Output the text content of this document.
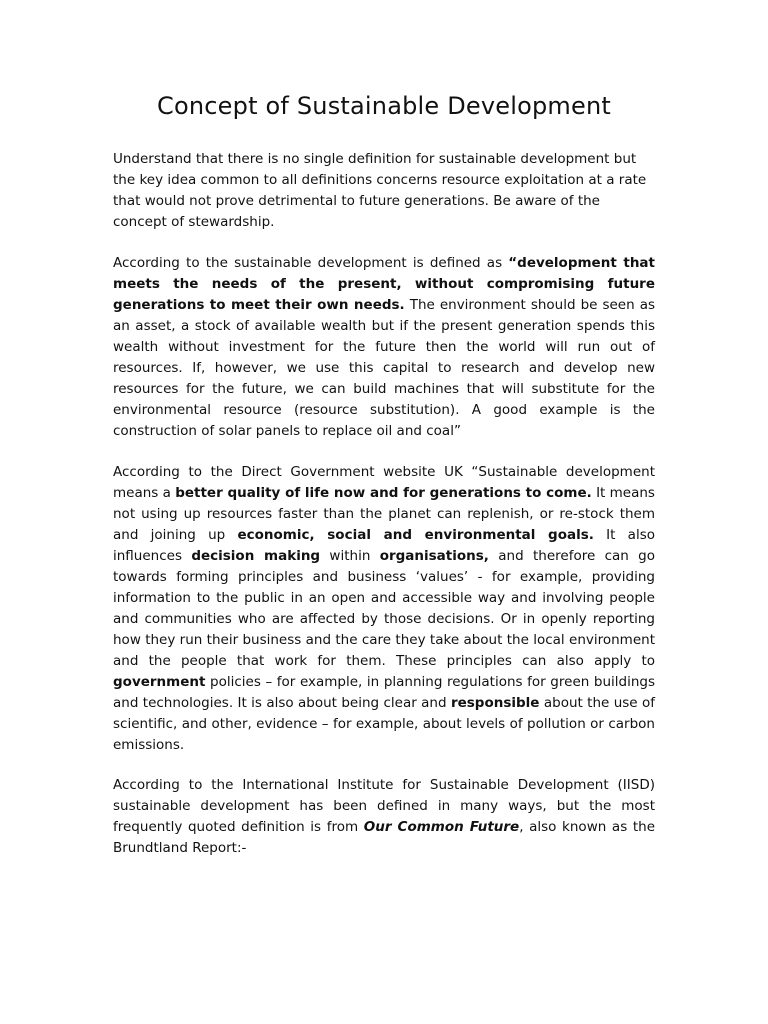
Concept of Sustainable Development

Understand that there is no single definition for sustainable development but the key idea common to all definitions concerns resource exploitation at a rate that would not prove detrimental to future generations. Be aware of the concept of stewardship.

According to the sustainable development is defined as “development that meets the needs of the present, without compromising future generations to meet their own needs. The environment should be seen as an asset, a stock of available wealth but if the present generation spends this wealth without investment for the future then the world will run out of resources. If, however, we use this capital to research and develop new resources for the future, we can build machines that will substitute for the environmental resource (resource substitution). A good example is the construction of solar panels to replace oil and coal”

According to the Direct Government website UK “Sustainable development means a better quality of life now and for generations to come. It means not using up resources faster than the planet can replenish, or re-stock them and joining up economic, social and environmental goals. It also influences decision making within organisations, and therefore can go towards forming principles and business ‘values’ - for example, providing information to the public in an open and accessible way and involving people and communities who are affected by those decisions. Or in openly reporting how they run their business and the care they take about the local environment and the people that work for them. These principles can also apply to government policies – for example, in planning regulations for green buildings and technologies. It is also about being clear and responsible about the use of scientific, and other, evidence – for example, about levels of pollution or carbon emissions.

According to the International Institute for Sustainable Development (IISD) sustainable development has been defined in many ways, but the most frequently quoted definition is from Our Common Future, also known as the Brundtland Report:-
